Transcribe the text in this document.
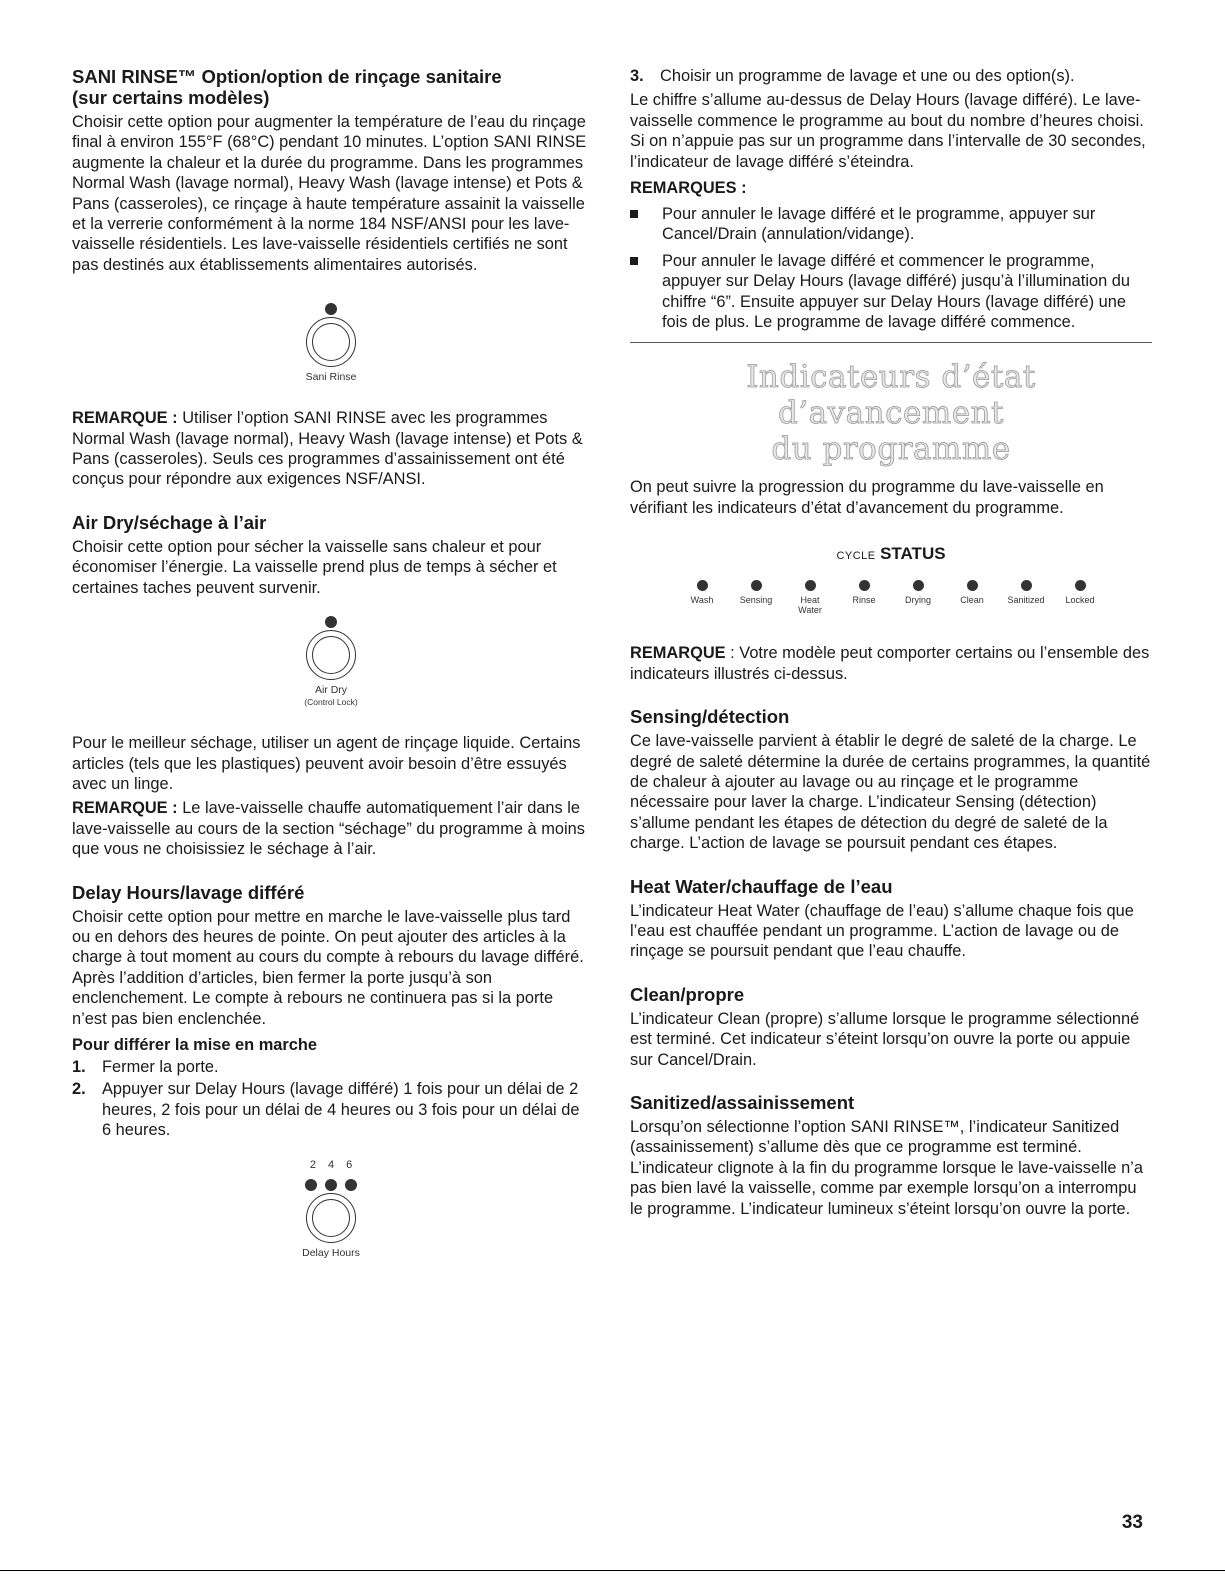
SANI RINSE™ Option/option de rinçage sanitaire
(sur certains modèles)

Choisir cette option pour augmenter la température de l’eau du rinçage final à environ 155°F (68°C) pendant 10 minutes. L’option SANI RINSE augmente la chaleur et la durée du programme. Dans les programmes Normal Wash (lavage normal), Heavy Wash (lavage intense) et Pots & Pans (casseroles), ce rinçage à haute température assainit la vaisselle et la verrerie conformément à la norme 184 NSF/ANSI pour les lave-vaisselle résidentiels. Les lave-vaisselle résidentiels certifiés ne sont pas destinés aux établissements alimentaires autorisés.

Sani Rinse

REMARQUE : Utiliser l’option SANI RINSE avec les programmes Normal Wash (lavage normal), Heavy Wash (lavage intense) et Pots & Pans (casseroles). Seuls ces programmes d’assainissement ont été conçus pour répondre aux exigences NSF/ANSI.

Air Dry/séchage à l’air

Choisir cette option pour sécher la vaisselle sans chaleur et pour économiser l’énergie. La vaisselle prend plus de temps à sécher et certaines taches peuvent survenir.

Air Dry
(Control Lock)

Pour le meilleur séchage, utiliser un agent de rinçage liquide. Certains articles (tels que les plastiques) peuvent avoir besoin d’être essuyés avec un linge.

REMARQUE : Le lave-vaisselle chauffe automatiquement l’air dans le lave-vaisselle au cours de la section “séchage” du programme à moins que vous ne choisissiez le séchage à l’air.

Delay Hours/lavage différé

Choisir cette option pour mettre en marche le lave-vaisselle plus tard ou en dehors des heures de pointe. On peut ajouter des articles à la charge à tout moment au cours du compte à rebours du lavage différé. Après l’addition d’articles, bien fermer la porte jusqu’à son enclenchement. Le compte à rebours ne continuera pas si la porte n’est pas bien enclenchée.

Pour différer la mise en marche
1. Fermer la porte.
2. Appuyer sur Delay Hours (lavage différé) 1 fois pour un délai de 2 heures, 2 fois pour un délai de 4 heures ou 3 fois pour un délai de 6 heures.
2 4 6
Delay Hours
3. Choisir un programme de lavage et une ou des option(s).

Le chiffre s’allume au-dessus de Delay Hours (lavage différé). Le lave-vaisselle commence le programme au bout du nombre d’heures choisi. Si on n’appuie pas sur un programme dans l’intervalle de 30 secondes, l’indicateur de lavage différé s’éteindra.

REMARQUES :
Pour annuler le lavage différé et le programme, appuyer sur Cancel/Drain (annulation/vidange).
Pour annuler le lavage différé et commencer le programme, appuyer sur Delay Hours (lavage différé) jusqu’à l’illumination du chiffre “6”. Ensuite appuyer sur Delay Hours (lavage différé) une fois de plus. Le programme de lavage différé commence.
Indicateurs d’état d’avancement
du programme

On peut suivre la progression du programme du lave-vaisselle en vérifiant les indicateurs d’état d’avancement du programme.

CYCLE STATUS
Wash	Sensing	Heat
Water
Rinse	Drying	Clean	Sanitized Locked

REMARQUE : Votre modèle peut comporter certains ou l’ensemble des indicateurs illustrés ci-dessus.

Sensing/détection

Ce lave-vaisselle parvient à établir le degré de saleté de la charge. Le degré de saleté détermine la durée de certains programmes, la quantité de chaleur à ajouter au lavage ou au rinçage et le programme nécessaire pour laver la charge. L’indicateur Sensing (détection) s’allume pendant les étapes de détection du degré de saleté de la charge. L’action de lavage se poursuit pendant ces étapes.

Heat Water/chauffage de l’eau

L’indicateur Heat Water (chauffage de l’eau) s’allume chaque fois que l’eau est chauffée pendant un programme. L’action de lavage ou de rinçage se poursuit pendant que l’eau chauffe.

Clean/propre

L’indicateur Clean (propre) s’allume lorsque le programme sélectionné est terminé. Cet indicateur s’éteint lorsqu’on ouvre la porte ou appuie sur Cancel/Drain.

Sanitized/assainissement

Lorsqu’on sélectionne l’option SANI RINSE™, l’indicateur Sanitized (assainissement) s’allume dès que ce programme est terminé. L’indicateur clignote à la fin du programme lorsque le lave-vaisselle n’a pas bien lavé la vaisselle, comme par exemple lorsqu’on a interrompu le programme. L’indicateur lumineux s’éteint lorsqu’on ouvre la porte.

33
